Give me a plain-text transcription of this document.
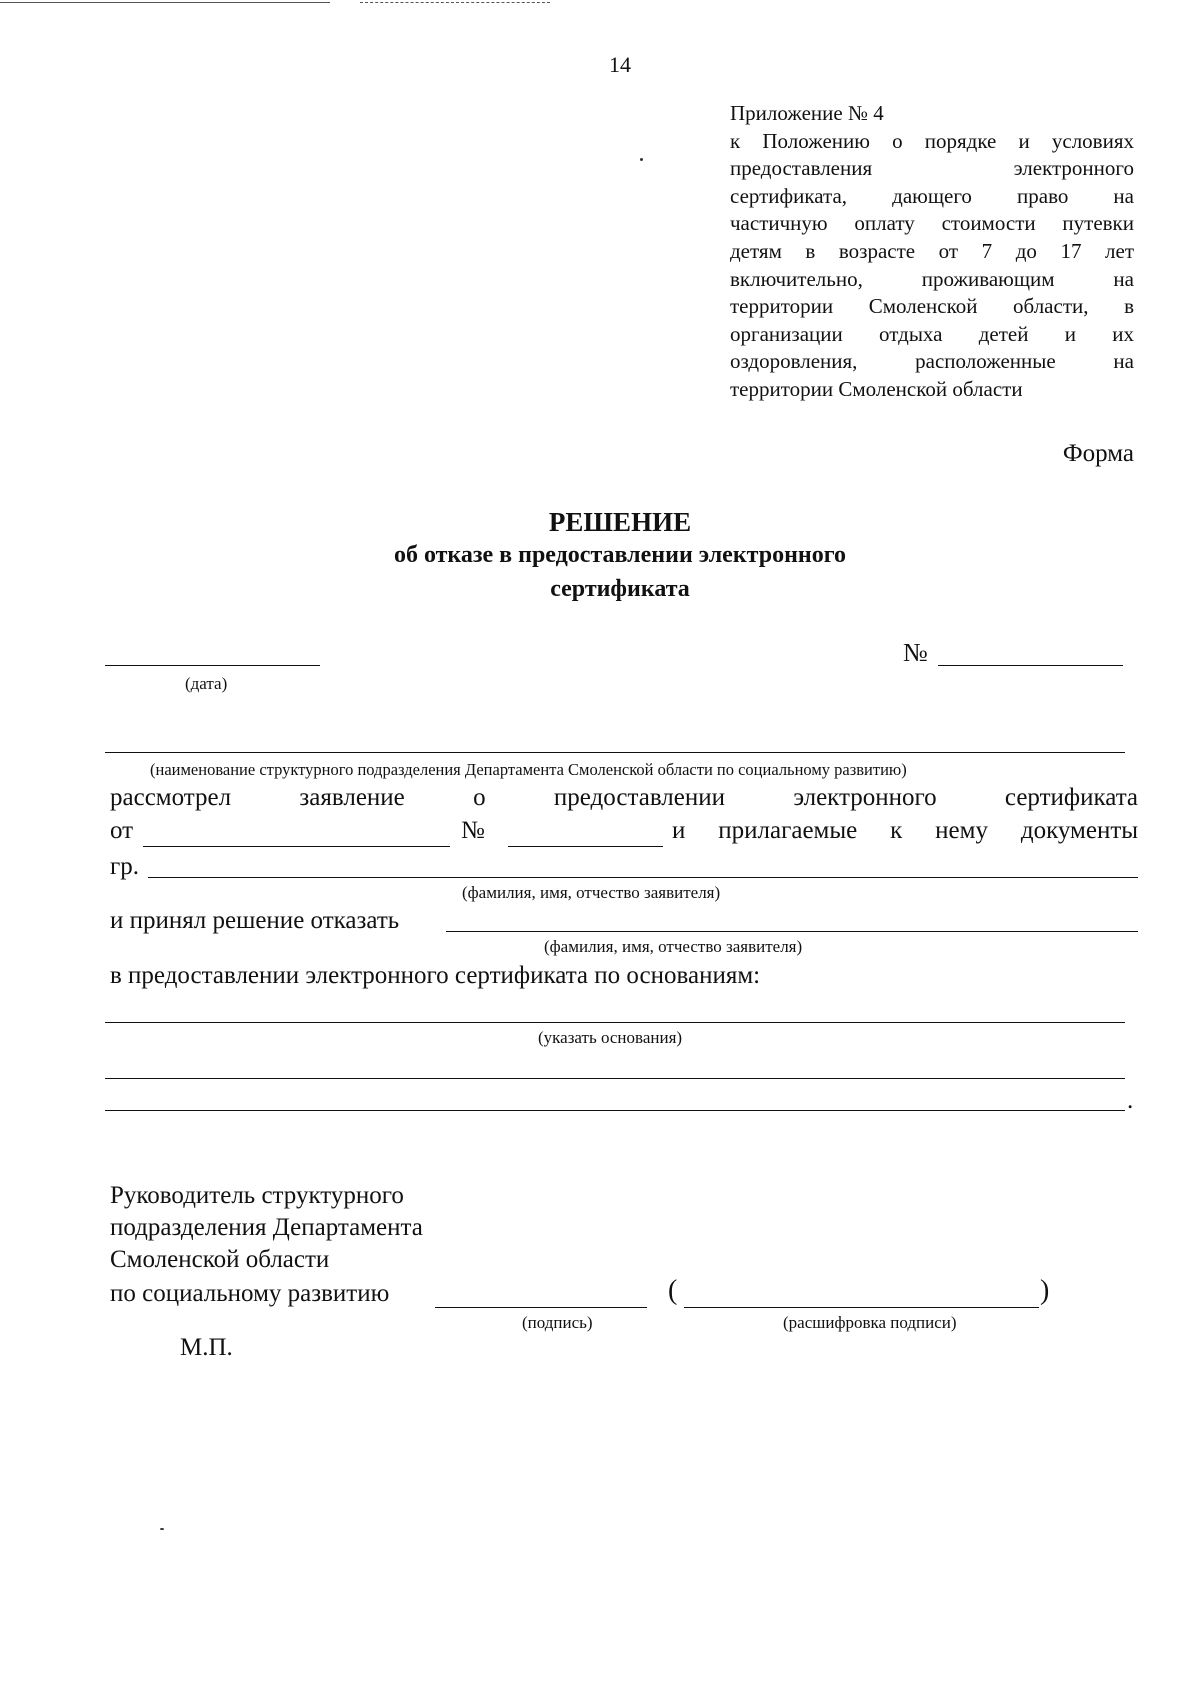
14
Приложение № 4
к Положению о порядке и условиях
предоставления электронного
сертификата, дающего право на
частичную оплату стоимости путевки
детям в возрасте от 7 до 17 лет
включительно, проживающим на
территории Смоленской области, в
организации отдыха детей и их
оздоровления, расположенные на
территории Смоленской области
Форма
РЕШЕНИЕ
об отказе в предоставлении электронного
сертификата
(дата)
№
(наименование структурного подразделения Департамента Смоленской области по социальному развитию)
рассмотрел	заявление	о	предоставлении	электронного	сертификата
от	№	и прилагаемые к нему документы
гр.
(фамилия, имя, отчество заявителя)
и принял решение отказать
(фамилия, имя, отчество заявителя)
в предоставлении электронного сертификата по основаниям:
(указать основания)
.
Руководитель структурного
подразделения Департамента
Смоленской области
по социальному развитию
(подпись)
(	)
(расшифровка подписи)
М.П.
